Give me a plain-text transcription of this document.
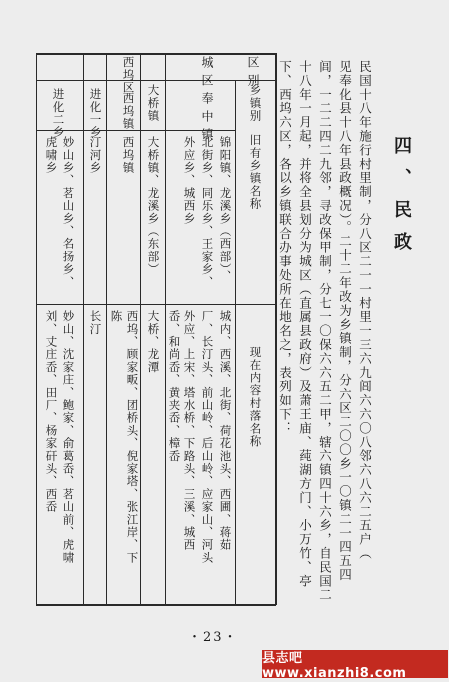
四、民政
民国十八年施行村里制，分八区二一一村里一三六九闾六六〇八邻六八六二五户（
见奉化县十八年县政概况）。二十二年改为乡镇制，分六区二〇〇乡一〇镇二一四五四
闾，一二二四二九邻，寻改保甲制，分七一〇保六六五二甲，辖六镇四十六乡，自民国二
十八年一月起，并将全县划分为城区（直属县政府）及萧王庙、莼湖方门、小万竹、亭
下、西坞六区，各以乡镇联合办事处所在地名之，表列如下：
区别
乡镇别
旧有乡镇名称
现在内容村落名称
城区
奉中镇
锦阳镇、龙溪乡（西部）、
北街乡、同乐乡、王家乡、
外应乡、城西乡
城内、西溪、北街、荷花池头、西圃、蒋茹
厂、长汀头、前山岭、后山岭、应家山、河头
外应、上宋、塔水桥、下路头、三溪、城西
岙、和尚岙、黄夹岙、樟岙
大桥镇
大桥镇、龙溪乡（东部）
大桥、龙潭
西坞区
西坞镇
西坞镇
西坞、顾家畈、团桥头、倪家塔、张江岸、下
陈
进化一乡
汀河乡
长汀
进化二乡
妙山乡、茗山乡、名扬乡、
虎啸乡
妙山、沈家庄、鲍家、俞葛岙、茗山前、虎啸
刘、丈庄岙、田厂、杨家矸头、西岙
・23・
县志吧 www.xianzhi8.com
